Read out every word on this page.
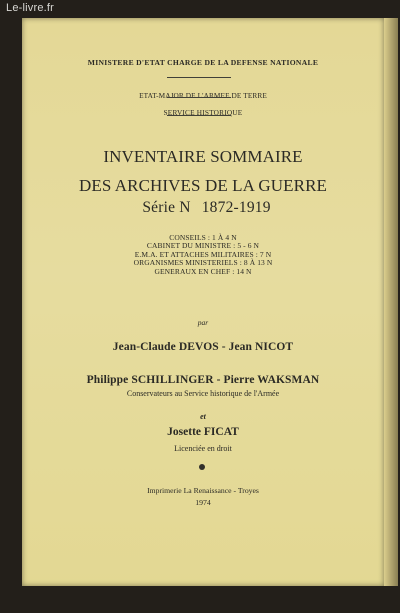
Le-livre.fr
MINISTERE D'ETAT CHARGE DE LA DEFENSE NATIONALE
ETAT-MAJOR DE L'ARMEE DE TERRE
SERVICE HISTORIQUE
INVENTAIRE SOMMAIRE
DES ARCHIVES DE LA GUERRE
Série N 1872-1919
CONSEILS : 1 À 4 N
CABINET DU MINISTRE : 5 - 6 N
E.M.A. ET ATTACHES MILITAIRES : 7 N
ORGANISMES MINISTERIELS : 8 À 13 N
GENERAUX EN CHEF : 14 N
par
Jean-Claude DEVOS - Jean NICOT
Philippe SCHILLINGER - Pierre WAKSMAN
Conservateurs au Service historique de l'Armée
et
Josette FICAT
Licenciée en droit
Imprimerie La Renaissance - Troyes
1974
